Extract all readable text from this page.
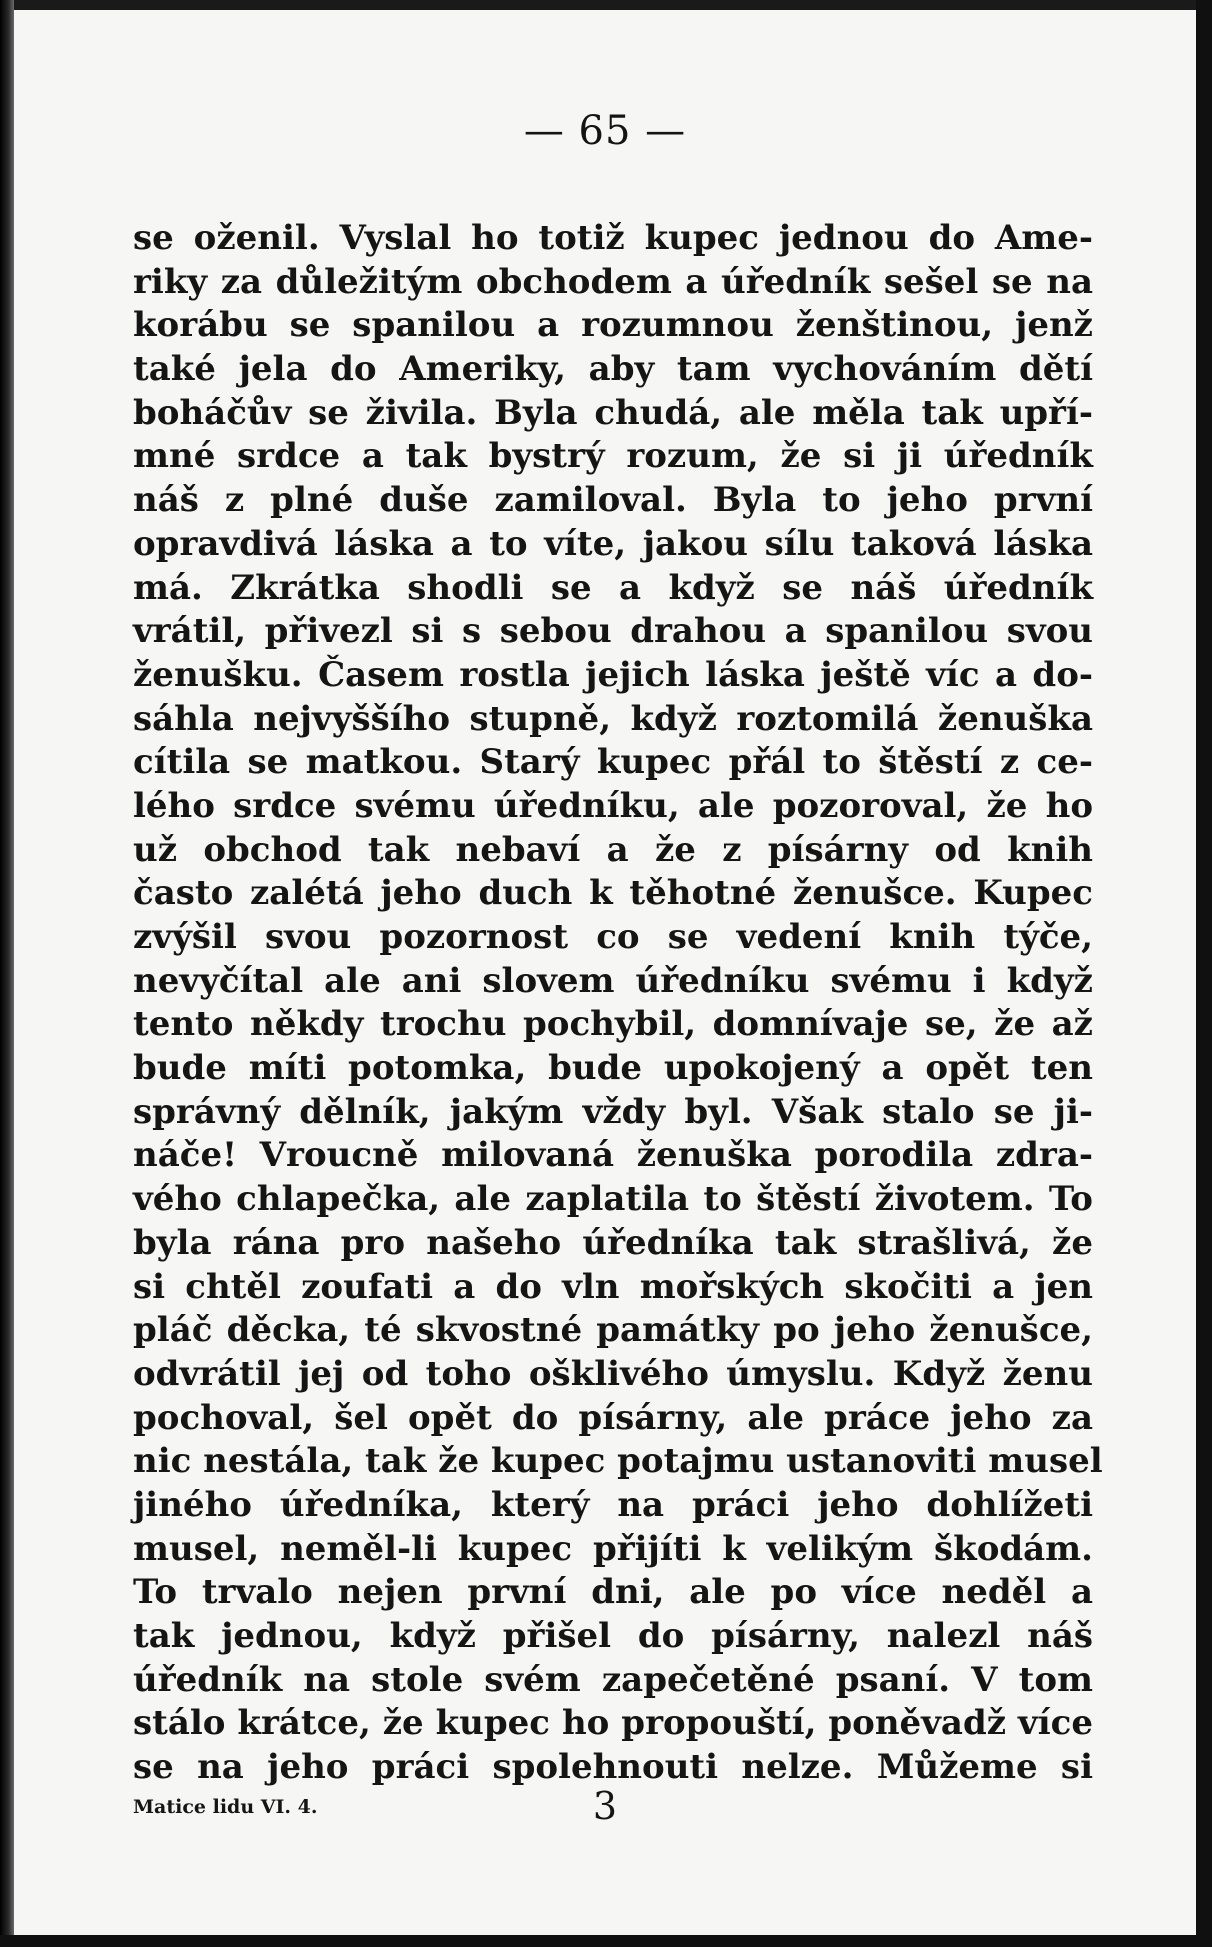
— 65 —
se oženil. Vyslal ho totiž kupec jednou do Ame-
riky za důležitým obchodem a úředník sešel se na
korábu se spanilou a rozumnou ženštinou, jenž
také jela do Ameriky, aby tam vychováním dětí
boháčův se živila. Byla chudá, ale měla tak upří-
mné srdce a tak bystrý rozum, že si ji úředník
náš z plné duše zamiloval. Byla to jeho první
opravdivá láska a to víte, jakou sílu taková láska
má. Zkrátka shodli se a když se náš úředník
vrátil, přivezl si s sebou drahou a spanilou svou
ženušku. Časem rostla jejich láska ještě víc a do-
sáhla nejvyššího stupně, když roztomilá ženuška
cítila se matkou. Starý kupec přál to štěstí z ce-
lého srdce svému úředníku, ale pozoroval, že ho
už obchod tak nebaví a že z písárny od knih
často zalétá jeho duch k těhotné ženušce. Kupec
zvýšil svou pozornost co se vedení knih týče,
nevyčítal ale ani slovem úředníku svému i když
tento někdy trochu pochybil, domnívaje se, že až
bude míti potomka, bude upokojený a opět ten
správný dělník, jakým vždy byl. Však stalo se ji-
náče! Vroucně milovaná ženuška porodila zdra-
vého chlapečka, ale zaplatila to štěstí životem. To
byla rána pro našeho úředníka tak strašlivá, že
si chtěl zoufati a do vln mořských skočiti a jen
pláč děcka, té skvostné památky po jeho ženušce,
odvrátil jej od toho ošklivého úmyslu. Když ženu
pochoval, šel opět do písárny, ale práce jeho za
nic nestála, tak že kupec potajmu ustanoviti musel
jiného úředníka, který na práci jeho dohlížeti
musel, neměl-li kupec přijíti k velikým škodám.
To trvalo nejen první dni, ale po více neděl a
tak jednou, když přišel do písárny, nalezl náš
úředník na stole svém zapečetěné psaní. V tom
stálo krátce, že kupec ho propouští, poněvadž více
se na jeho práci spolehnouti nelze. Můžeme si
Matice lidu VI. 4.	3
